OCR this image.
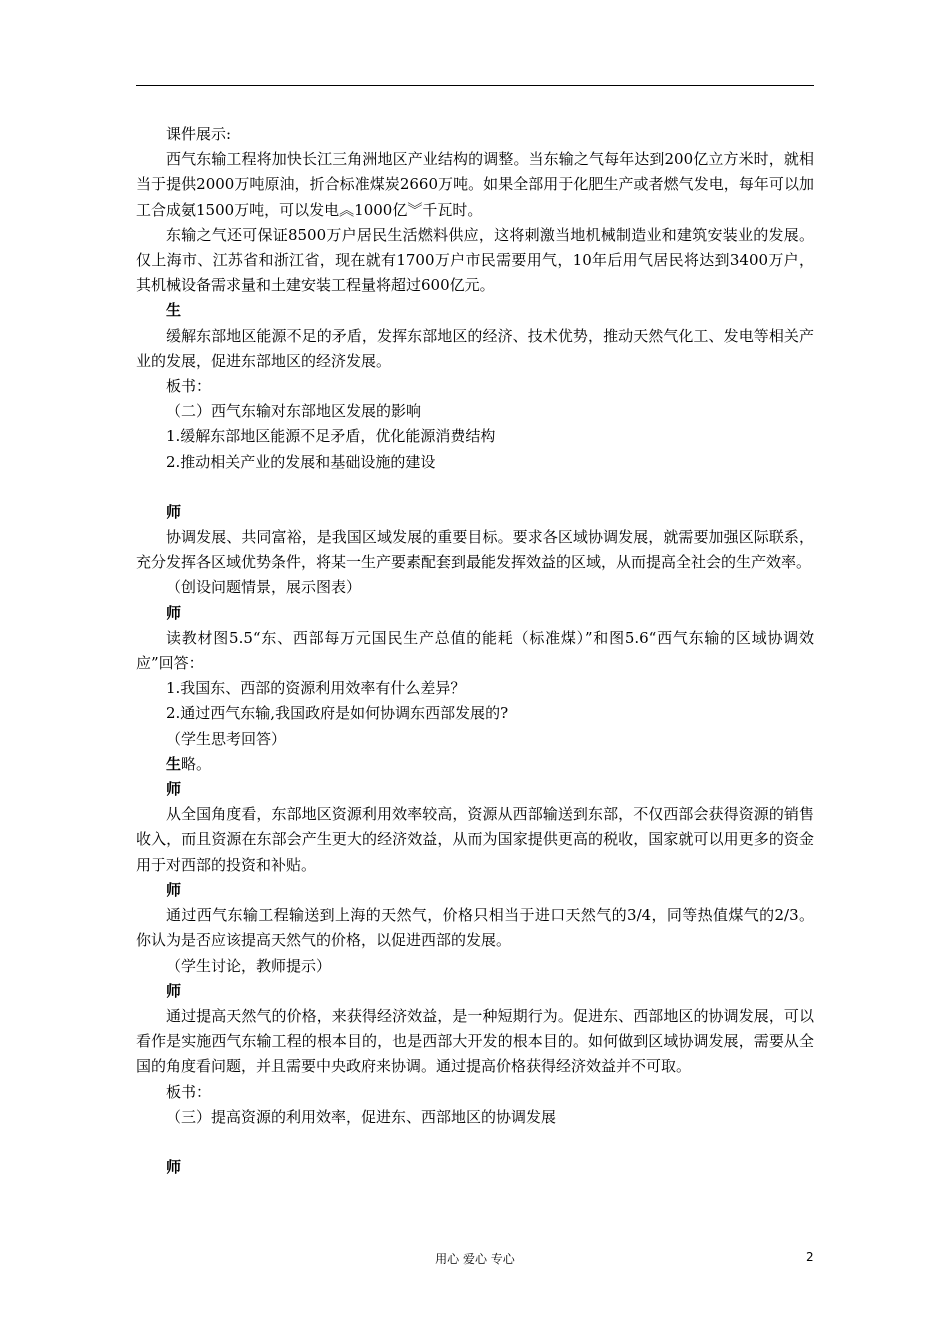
课件展示:

西气东输工程将加快长江三角洲地区产业结构的调整。当东输之气每年达到200亿立方米时，就相当于提供2000万吨原油，折合标准煤炭2660万吨。如果全部用于化肥生产或者燃气发电，每年可以加工合成氨1500万吨，可以发电︽1000亿︾千瓦时。

东输之气还可保证8500万户居民生活燃料供应，这将刺激当地机械制造业和建筑安装业的发展。仅上海市、江苏省和浙江省，现在就有1700万户市民需要用气，10年后用气居民将达到3400万户，其机械设备需求量和土建安装工程量将超过600亿元。

生

缓解东部地区能源不足的矛盾，发挥东部地区的经济、技术优势，推动天然气化工、发电等相关产业的发展，促进东部地区的经济发展。

板书：

（二）西气东输对东部地区发展的影响

1.缓解东部地区能源不足矛盾，优化能源消费结构

2.推动相关产业的发展和基础设施的建设

师

协调发展、共同富裕，是我国区域发展的重要目标。要求各区域协调发展，就需要加强区际联系，充分发挥各区域优势条件，将某一生产要素配套到最能发挥效益的区域，从而提高全社会的生产效率。

（创设问题情景，展示图表）

师

读教材图5.5“东、西部每万元国民生产总值的能耗（标准煤）”和图5.6“西气东输的区域协调效应”回答：

1.我国东、西部的资源利用效率有什么差异？

2.通过西气东输,我国政府是如何协调东西部发展的?

（学生思考回答）

生略。

师

从全国角度看，东部地区资源利用效率较高，资源从西部输送到东部，不仅西部会获得资源的销售收入，而且资源在东部会产生更大的经济效益，从而为国家提供更高的税收，国家就可以用更多的资金用于对西部的投资和补贴。

师

通过西气东输工程输送到上海的天然气，价格只相当于进口天然气的3/4，同等热值煤气的2/3。你认为是否应该提高天然气的价格，以促进西部的发展。

（学生讨论，教师提示）

师

通过提高天然气的价格，来获得经济效益，是一种短期行为。促进东、西部地区的协调发展，可以看作是实施西气东输工程的根本目的，也是西部大开发的根本目的。如何做到区域协调发展，需要从全国的角度看问题，并且需要中央政府来协调。通过提高价格获得经济效益并不可取。

板书：

（三）提高资源的利用效率，促进东、西部地区的协调发展

师

用心 爱心 专心	2
